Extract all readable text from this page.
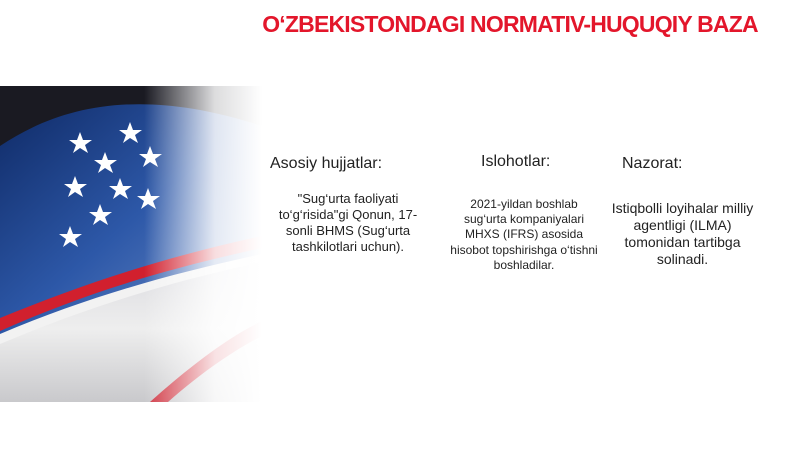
O‘ZBEKISTONDAGI NORMATIV-HUQUQIY BAZA
Asosiy hujjatlar:

"Sug‘urta faoliyati to‘g‘risida"gi Qonun, 17-sonli BHMS (Sug‘urta tashkilotlari uchun).

Islohotlar:

2021-yildan boshlab sug‘urta kompaniyalari MHXS (IFRS) asosida hisobot topshirishga o‘tishni boshladilar.

Nazorat:

Istiqbolli loyihalar milliy agentligi (ILMA) tomonidan tartibga solinadi.
